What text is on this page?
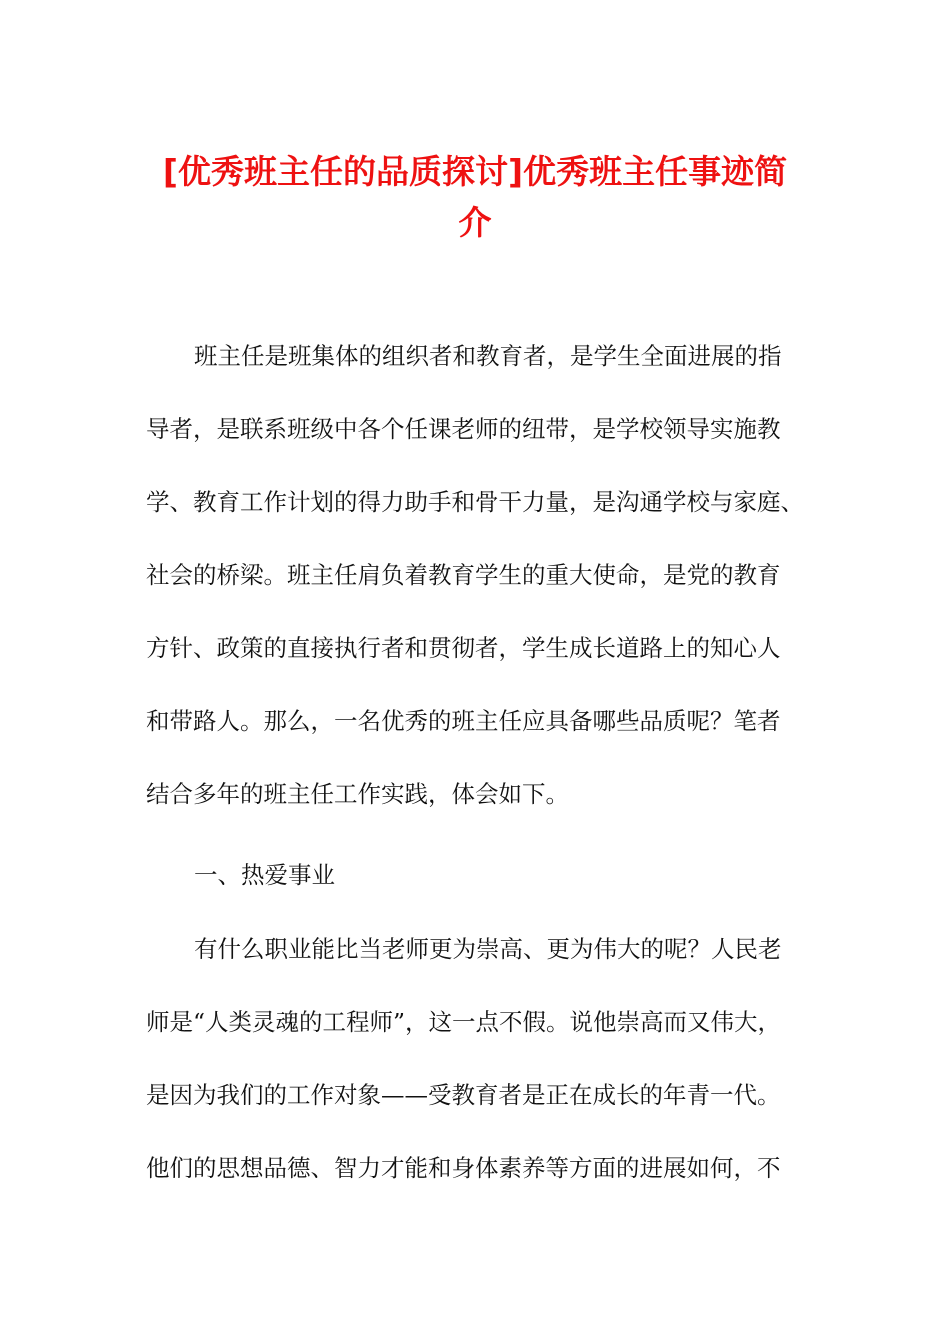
[优秀班主任的品质探讨]优秀班主任事迹简
介
班主任是班集体的组织者和教育者，是学生全面进展的指
导者，是联系班级中各个任课老师的纽带，是学校领导实施教
学、教育工作计划的得力助手和骨干力量，是沟通学校与家庭、
社会的桥梁。班主任肩负着教育学生的重大使命，是党的教育
方针、政策的直接执行者和贯彻者，学生成长道路上的知心人
和带路人。那么，一名优秀的班主任应具备哪些品质呢？笔者
结合多年的班主任工作实践，体会如下。
一、热爱事业
有什么职业能比当老师更为崇高、更为伟大的呢？人民老
师是“人类灵魂的工程师”，这一点不假。说他崇高而又伟大，
是因为我们的工作对象——受教育者是正在成长的年青一代。
他们的思想品德、智力才能和身体素养等方面的进展如何，不
